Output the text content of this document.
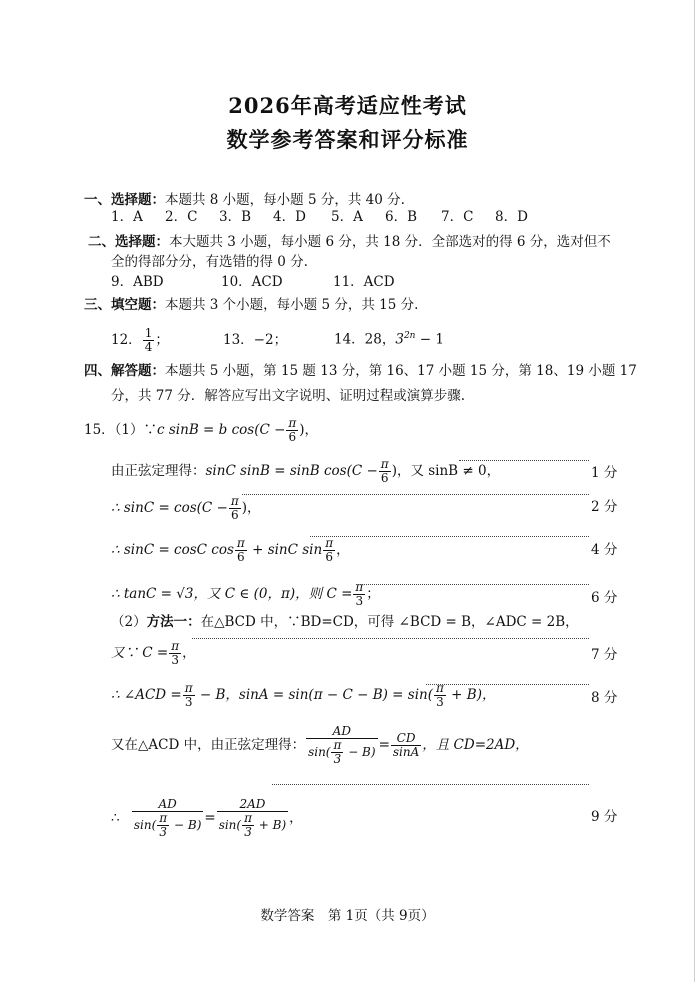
2026年高考适应性考试
数学参考答案和评分标准
一、选择题：本题共 8 小题，每小题 5 分，共 40 分.
1．A 2．C 3．B 4．D 5．A 6．B 7．C 8．D
二、选择题：本大题共 3 小题，每小题 6 分，共 18 分．全部选对的得 6 分，选对但不
全的得部分分，有选错的得 0 分.
9．ABD	10．ACD	11．ACD
三、填空题：本题共 3 个小题，每小题 5 分，共 15 分.
12． $\frac{1}{4}$ ；	13．−2；	14．28，$3^{2n} - 1$
四、解答题：本题共 5 小题，第 15 题 13 分，第 16、17 小题 15 分，第 18、19 小题 17
分，共 77 分．解答应写出文字说明、证明过程或演算步骤.
15．（1）∵c sinB = b $\cos(C - \frac{\pi}{6}$ )，
由正弦定理得：sinC sinB = sinB $\cos(C - \frac{\pi}{6}$ )，又 sinB ≠ 0，	1 分
∴ $\sin C = \cos(C - \frac{\pi}{6}$ )，	2 分
∴ sinC = cosC $\cos \frac{\pi}{6} + \sin C$ $\sin \frac{\pi}{6}$ ，	4 分
∴ tanC = √3，又 C ∈ (0，π)，则 $C = \frac{\pi}{3}$ ；	6 分
（2）方法一：在△BCD 中，∵BD=CD，可得 ∠BCD = B，∠ADC = 2B，
又∵ $C = \frac{\pi}{3}$ ，	7 分
∴ ∠ACD = $\frac{\pi}{3} - B$，$\sin A = \sin(\pi - C - B) = \sin( \frac{\pi}{3} + B)$，	8 分
又在△ACD 中，由正弦定理得： $\frac{AD}{\sin( \frac{\pi}{3} - B)} = \frac{CD}{\sin A}$ ，且 CD=2AD，
∴ $\frac{AD}{\sin( \frac{\pi}{3} - B)} = \frac{2AD}{\sin( \frac{\pi}{3} + B)}$ ，	9 分
数学答案　第 1页（共 9页）
